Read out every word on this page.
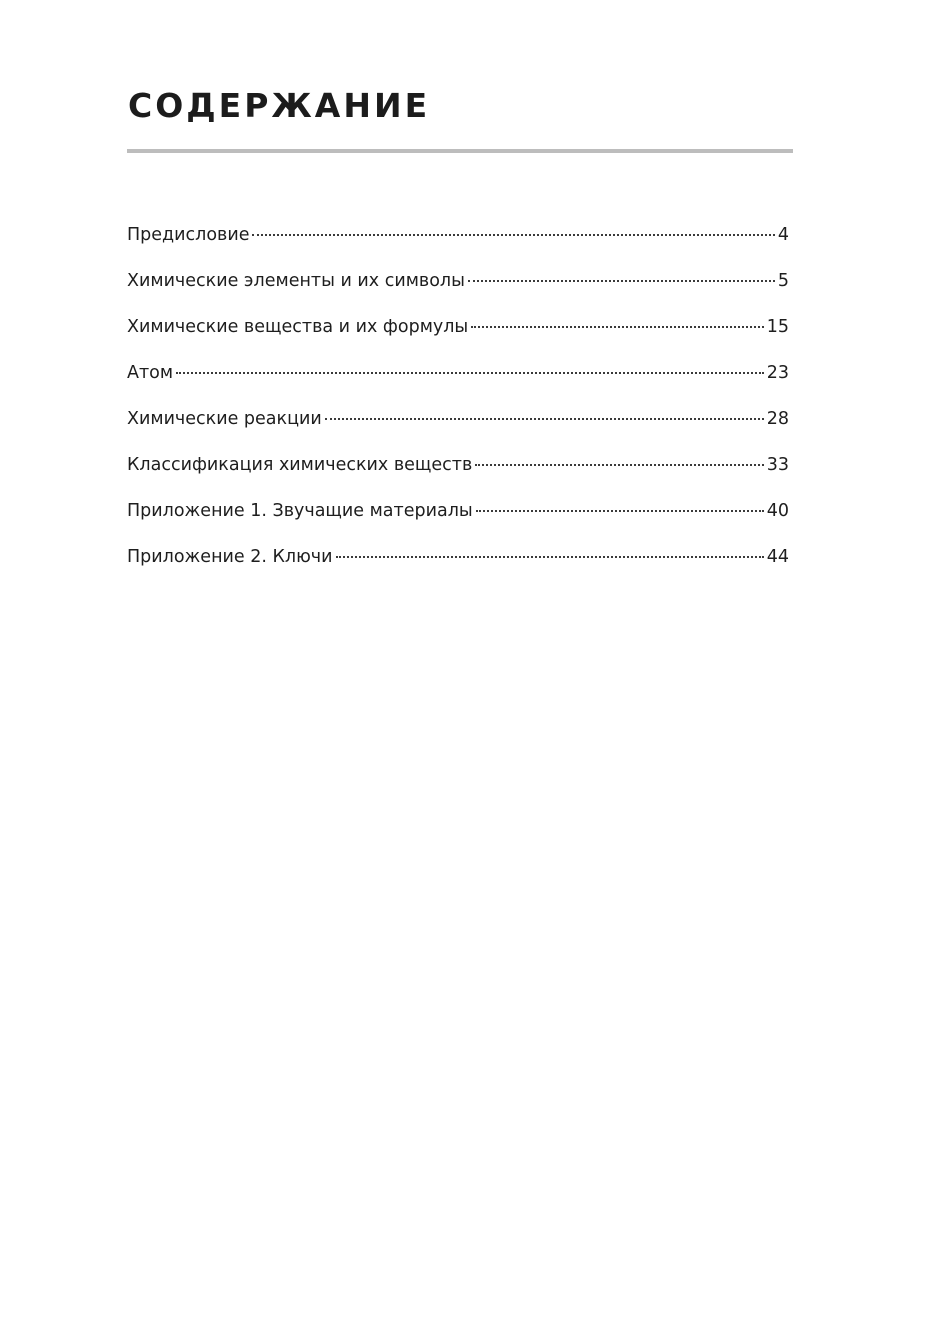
СОДЕРЖАНИЕ
Предисловие	4
Химические элементы и их символы	5
Химические вещества и их формулы	15
Атом	23
Химические реакции	28
Классификация химических веществ	33
Приложение 1. Звучащие материалы	40
Приложение 2. Ключи	44
